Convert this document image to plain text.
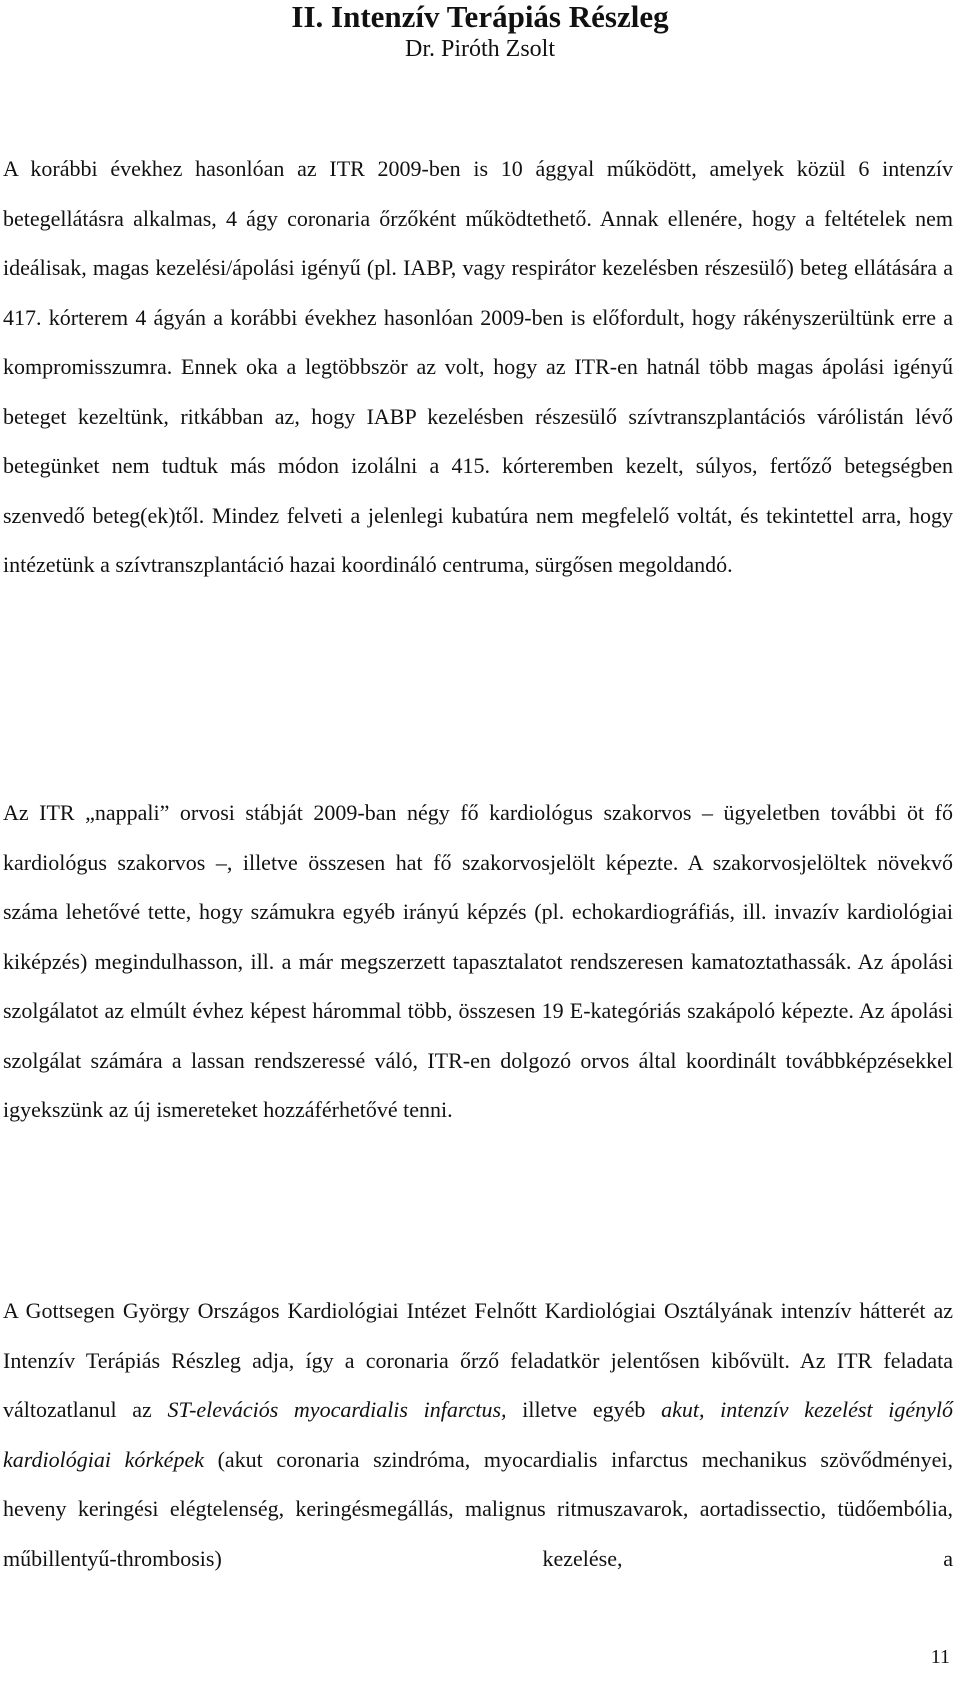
II. Intenzív Terápiás Részleg

Dr. Piróth Zsolt

A korábbi évekhez hasonlóan az ITR 2009-ben is 10 ággyal működött, amelyek közül 6 intenzív betegellátásra alkalmas, 4 ágy coronaria őrzőként működtethető. Annak ellenére, hogy a feltételek nem ideálisak, magas kezelési/ápolási igényű (pl. IABP, vagy respirátor kezelésben részesülő) beteg ellátására a 417. kórterem 4 ágyán a korábbi évekhez hasonlóan 2009-ben is előfordult, hogy rákényszerültünk erre a kompromisszumra. Ennek oka a legtöbbször az volt, hogy az ITR-en hatnál több magas ápolási igényű beteget kezeltünk, ritkábban az, hogy IABP kezelésben részesülő szívtranszplantációs várólistán lévő betegünket nem tudtuk más módon izolálni a 415. kórteremben kezelt, súlyos, fertőző betegségben szenvedő beteg(ek)től. Mindez felveti a jelenlegi kubatúra nem megfelelő voltát, és tekintettel arra, hogy intézetünk a szívtranszplantáció hazai koordináló centruma, sürgősen megoldandó.

Az ITR „nappali” orvosi stábját 2009-ban négy fő kardiológus szakorvos – ügyeletben további öt fő kardiológus szakorvos –, illetve összesen hat fő szakorvosjelölt képezte. A szakorvosjelöltek növekvő száma lehetővé tette, hogy számukra egyéb irányú képzés (pl. echokardiográfiás, ill. invazív kardiológiai kiképzés) megindulhasson, ill. a már megszerzett tapasztalatot rendszeresen kamatoztathassák. Az ápolási szolgálatot az elmúlt évhez képest hárommal több, összesen 19 E-kategóriás szakápoló képezte. Az ápolási szolgálat számára a lassan rendszeressé váló, ITR-en dolgozó orvos által koordinált továbbképzésekkel igyekszünk az új ismereteket hozzáférhetővé tenni.

A Gottsegen György Országos Kardiológiai Intézet Felnőtt Kardiológiai Osztályának intenzív hátterét az Intenzív Terápiás Részleg adja, így a coronaria őrző feladatkör jelentősen kibővült. Az ITR feladata változatlanul az ST-elevációs myocardialis infarctus, illetve egyéb akut, intenzív kezelést igénylő kardiológiai kórképek (akut coronaria szindróma, myocardialis infarctus mechanikus szövődményei, heveny keringési elégtelenség, keringésmegállás, malignus ritmuszavarok, aortadissectio, tüdőembólia, műbillentyű-thrombosis) kezelése, a

11
